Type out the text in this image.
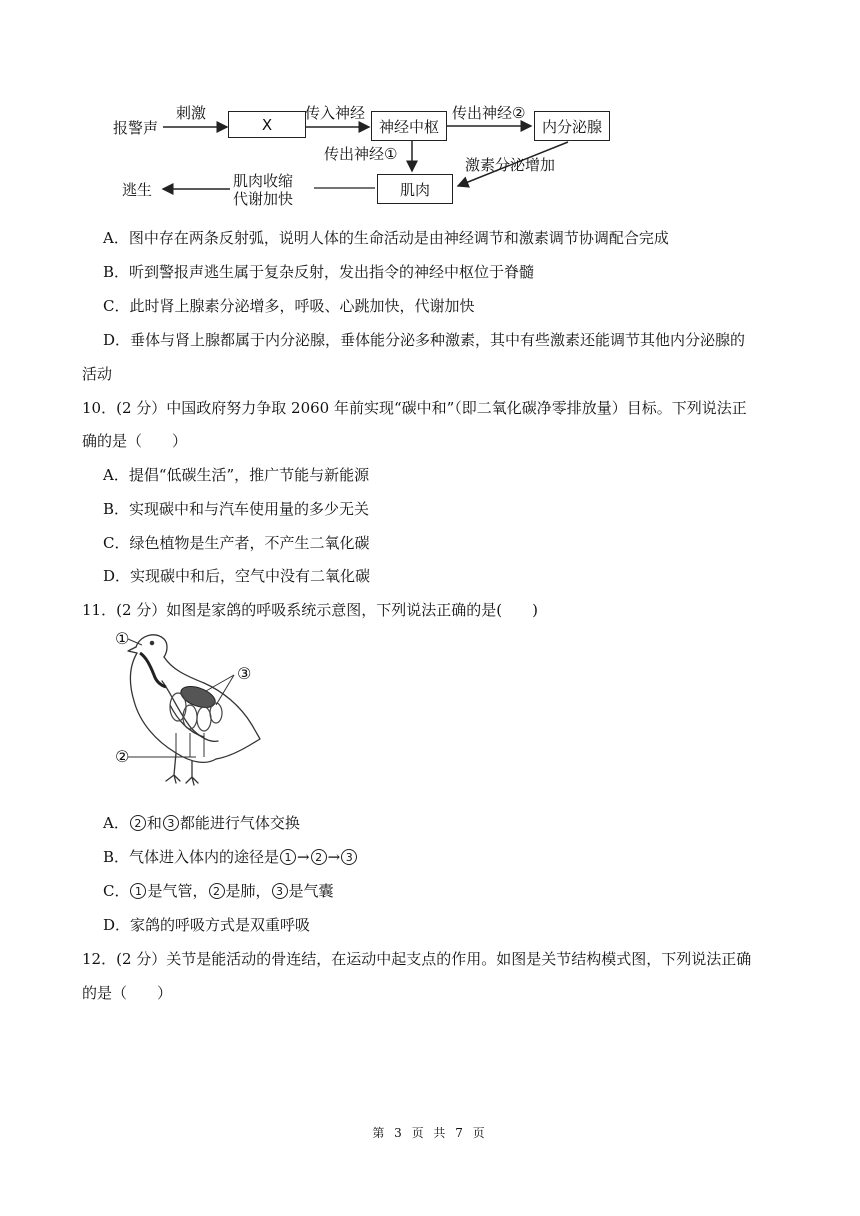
报警声
刺激
X
传入神经
神经中枢
传出神经②
内分泌腺
传出神经①
激素分泌增加
肌肉
肌肉收缩
代谢加快
逃生
A．图中存在两条反射弧，说明人体的生命活动是由神经调节和激素调节协调配合完成
B．听到警报声逃生属于复杂反射，发出指令的神经中枢位于脊髓
C．此时肾上腺素分泌增多，呼吸、心跳加快，代谢加快
D．垂体与肾上腺都属于内分泌腺，垂体能分泌多种激素，其中有些激素还能调节其他内分泌腺的
活动
10．(2 分）中国政府努力争取 2060 年前实现“碳中和”（即二氧化碳净零排放量）目标。下列说法正
确的是（　　）
A．提倡“低碳生活”，推广节能与新能源
B．实现碳中和与汽车使用量的多少无关
C．绿色植物是生产者，不产生二氧化碳
D．实现碳中和后，空气中没有二氧化碳
11．(2 分）如图是家鸽的呼吸系统示意图，下列说法正确的是(　　)
①
③
②
A． 2 和 3 都能进行气体交换
B．气体进入体内的途径是 1 → 2 → 3
C． 1 是气管， 2 是肺， 3 是气囊
D．家鸽的呼吸方式是双重呼吸
12．(2 分）关节是能活动的骨连结，在运动中起支点的作用。如图是关节结构模式图，下列说法正确
的是（　　）
第 3 页 共 7 页
